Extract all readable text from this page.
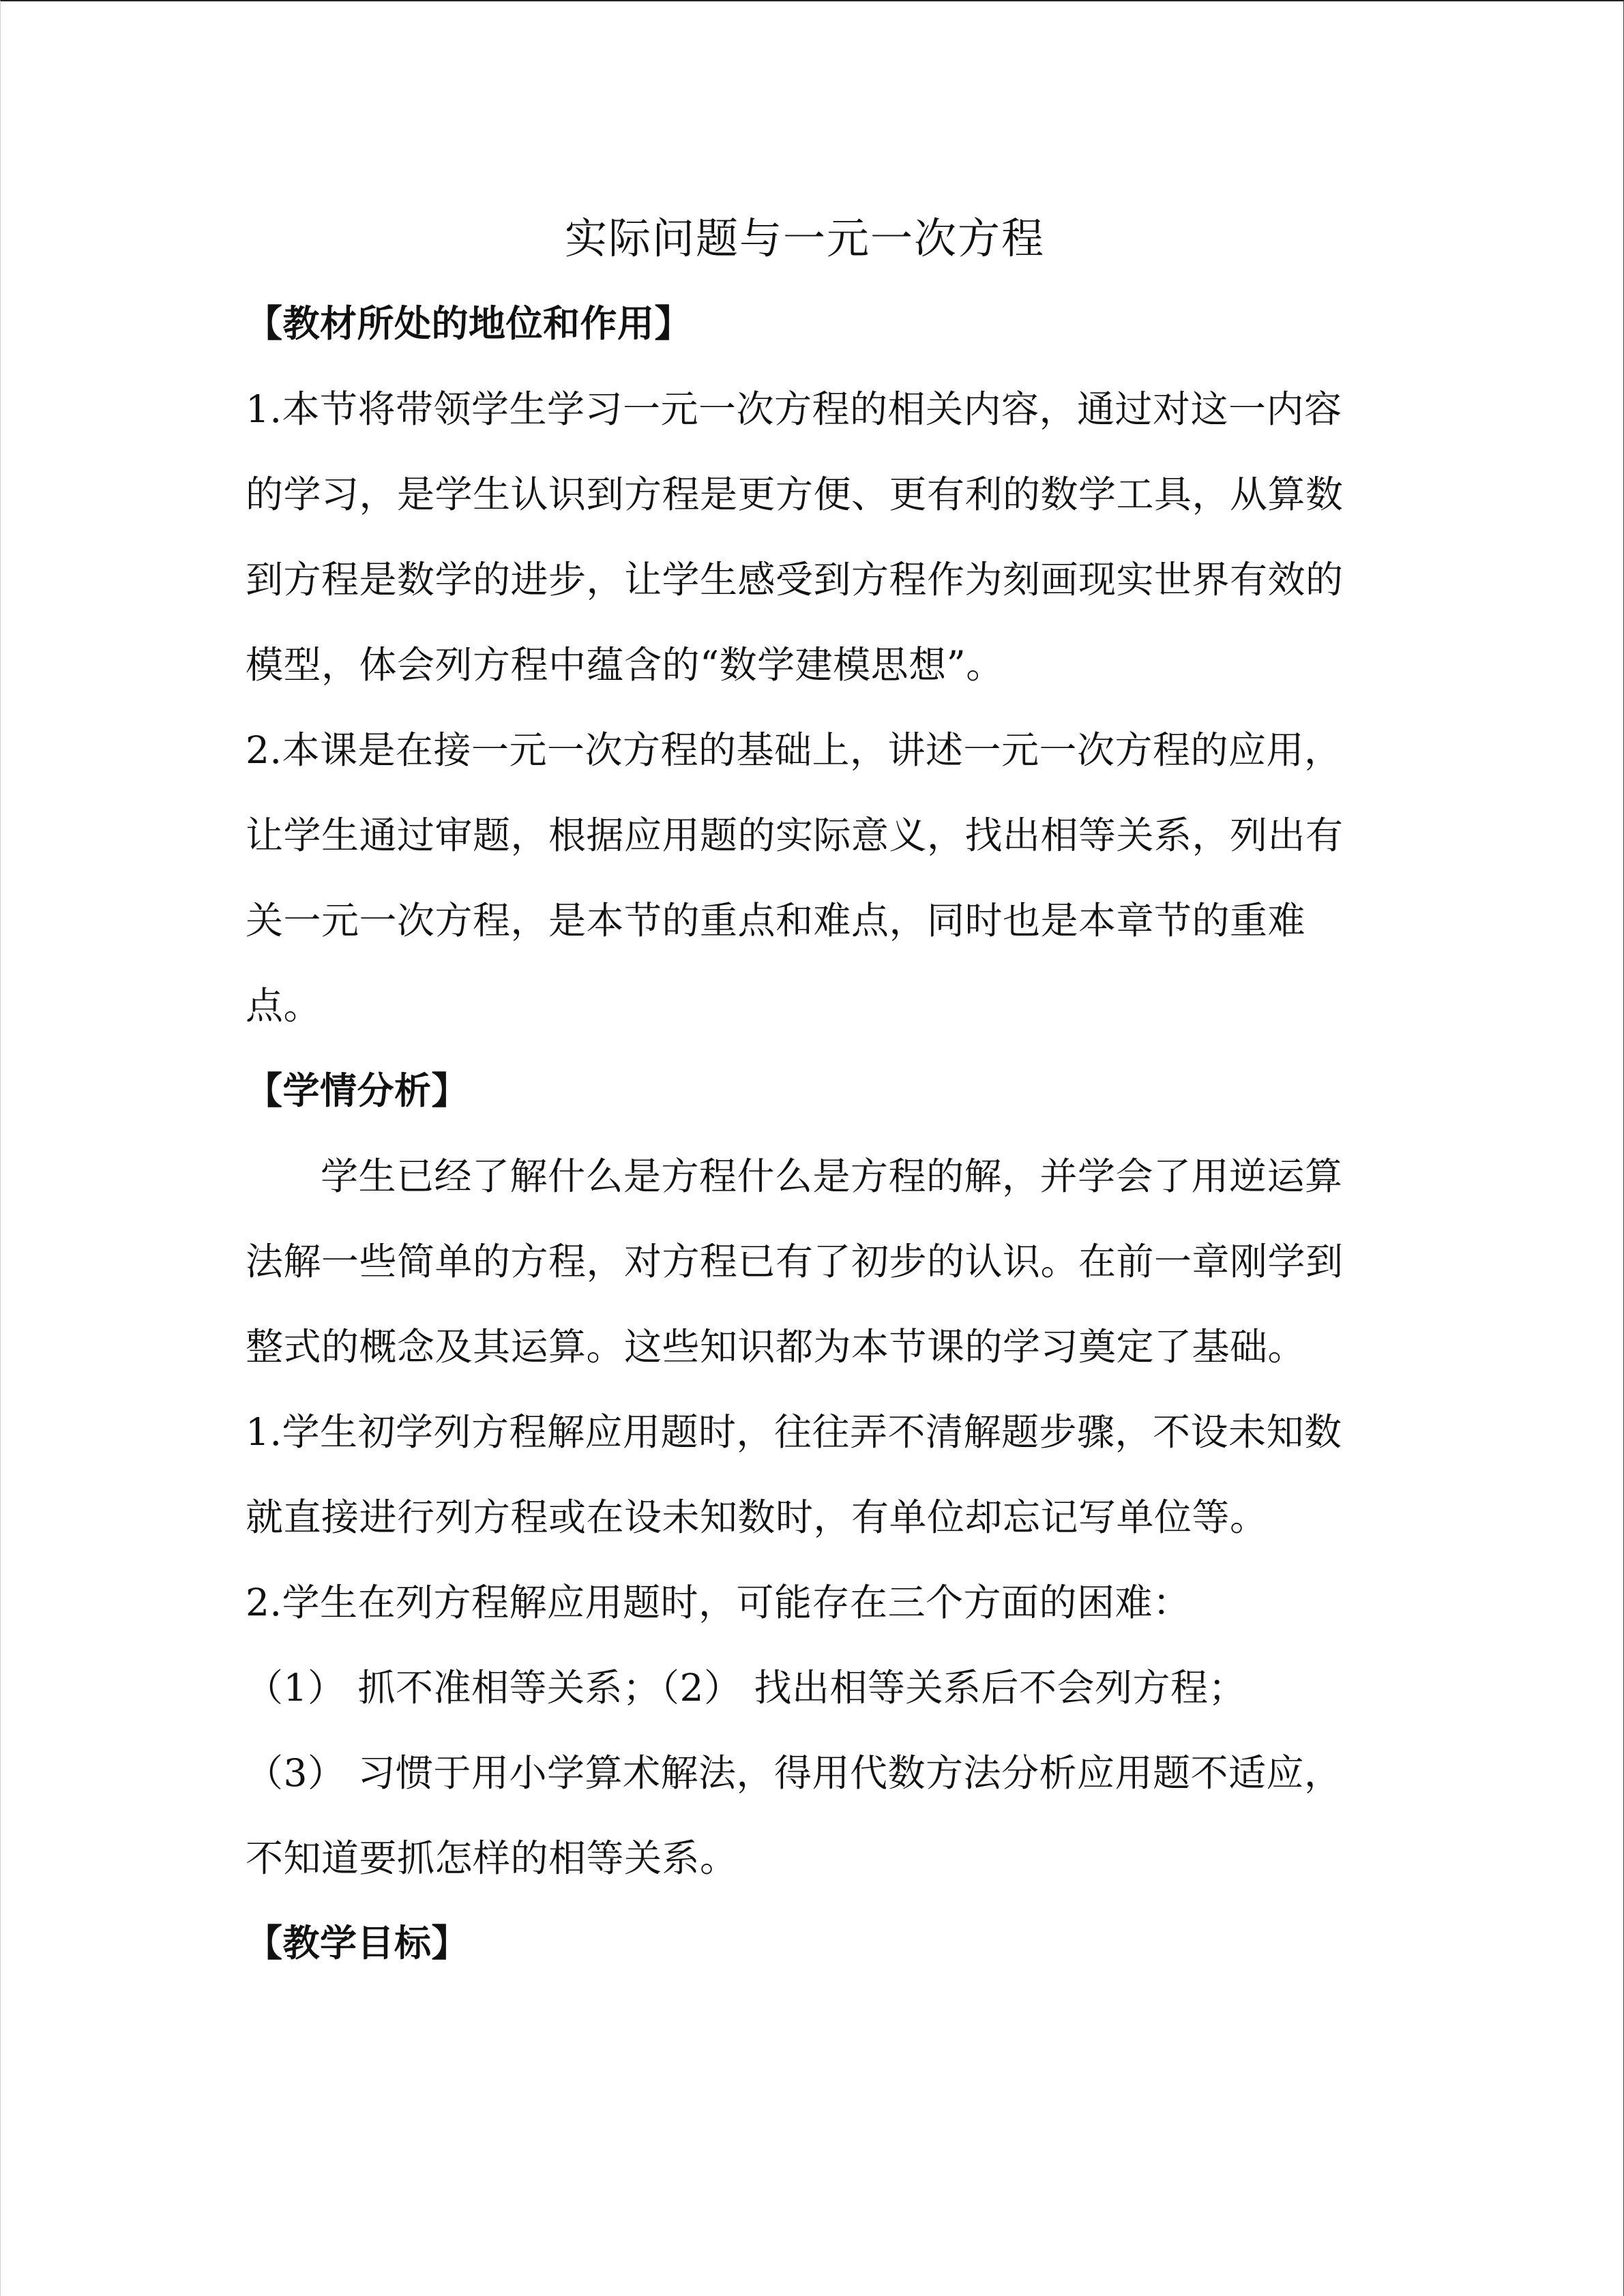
实际问题与一元一次方程
【教材所处的地位和作用】
1.本节将带领学生学习一元一次方程的相关内容，通过对这一内容
的学习，是学生认识到方程是更方便、更有利的数学工具，从算数
到方程是数学的进步，让学生感受到方程作为刻画现实世界有效的
模型，体会列方程中蕴含的“数学建模思想”。
2.本课是在接一元一次方程的基础上，讲述一元一次方程的应用，
让学生通过审题，根据应用题的实际意义，找出相等关系，列出有
关一元一次方程，是本节的重点和难点，同时也是本章节的重难
点。
【学情分析】
学生已经了解什么是方程什么是方程的解，并学会了用逆运算
法解一些简单的方程，对方程已有了初步的认识。在前一章刚学到
整式的概念及其运算。这些知识都为本节课的学习奠定了基础。
1.学生初学列方程解应用题时，往往弄不清解题步骤，不设未知数
就直接进行列方程或在设未知数时，有单位却忘记写单位等。
2.学生在列方程解应用题时，可能存在三个方面的困难：
（1） 抓不准相等关系；（2） 找出相等关系后不会列方程；
（3） 习惯于用小学算术解法，得用代数方法分析应用题不适应，
不知道要抓怎样的相等关系。
【教学目标】
